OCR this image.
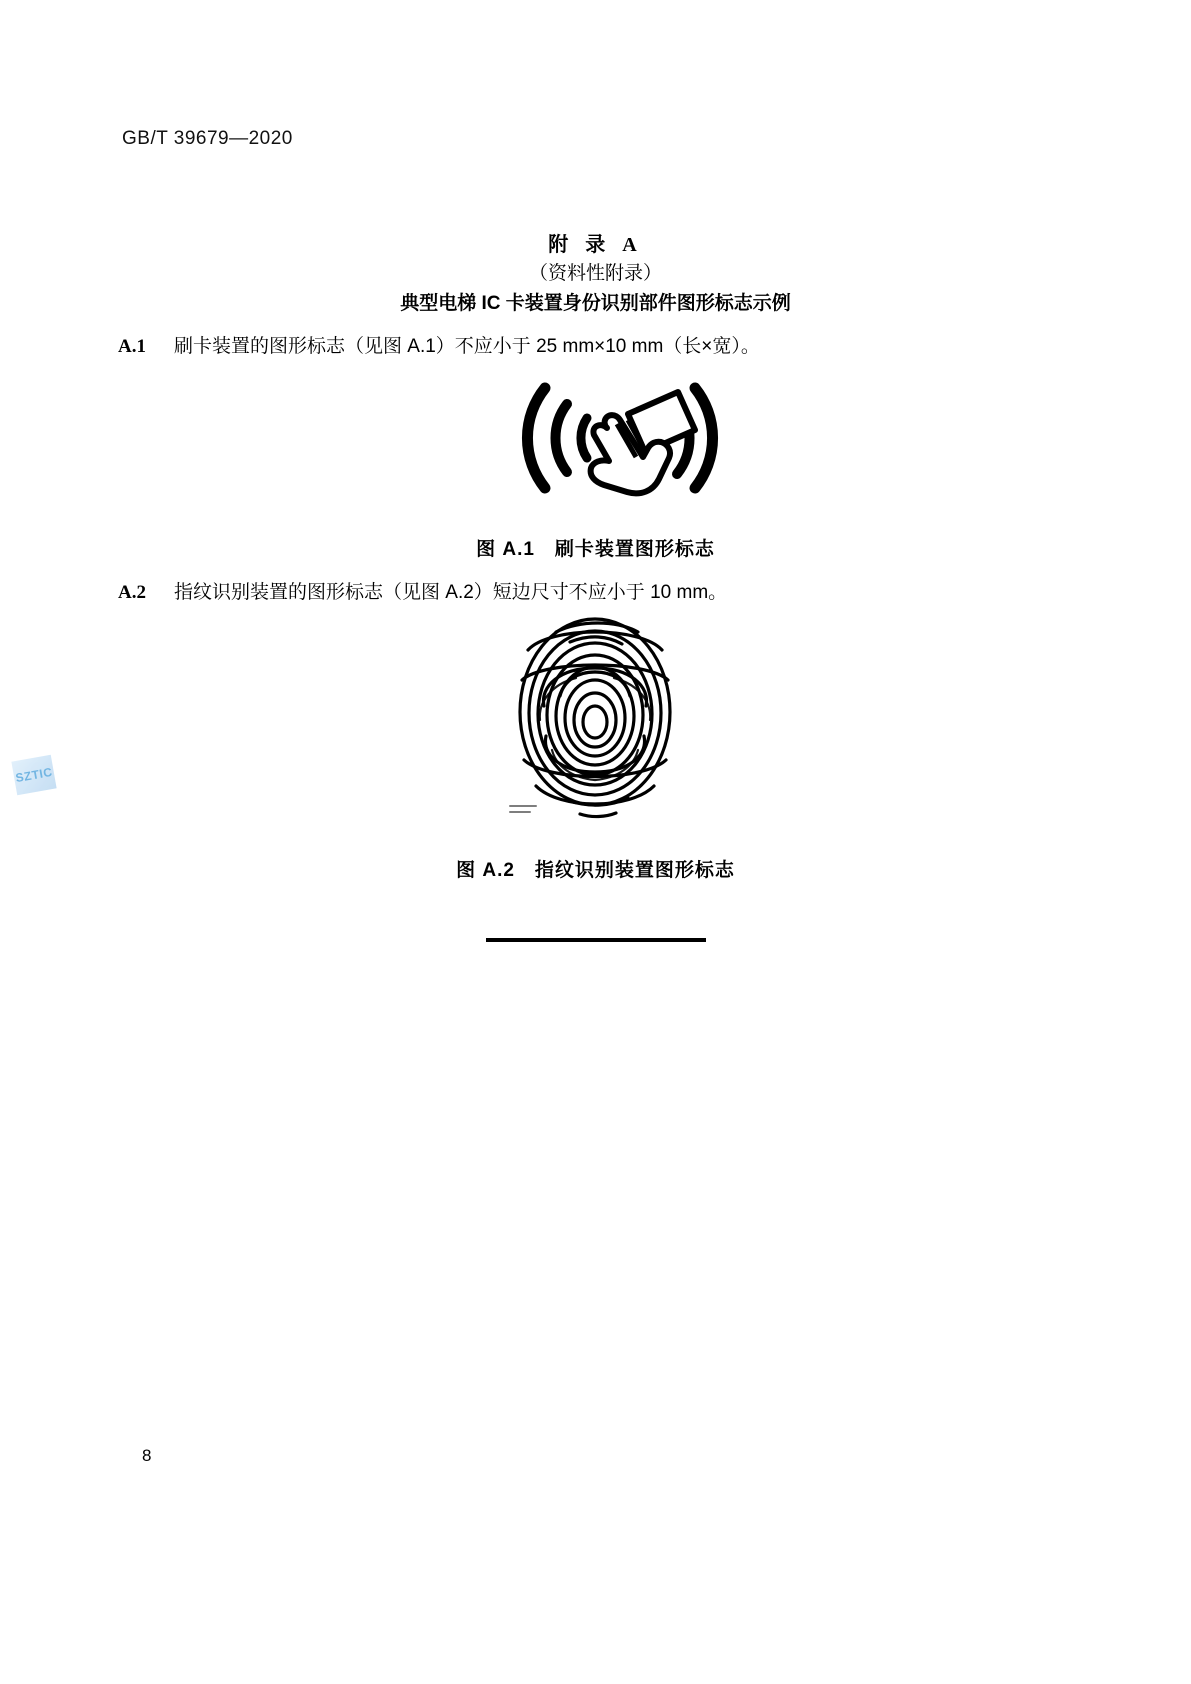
GB/T 39679—2020
附 录 A
（资料性附录）
典型电梯 IC 卡装置身份识别部件图形标志示例
A.1 刷卡装置的图形标志（见图 A.1）不应小于 25 mm×10 mm（长×宽）。
图 A.1　刷卡装置图形标志
A.2 指纹识别装置的图形标志（见图 A.2）短边尺寸不应小于 10 mm。
图 A.2　指纹识别装置图形标志
SZTIC
8
